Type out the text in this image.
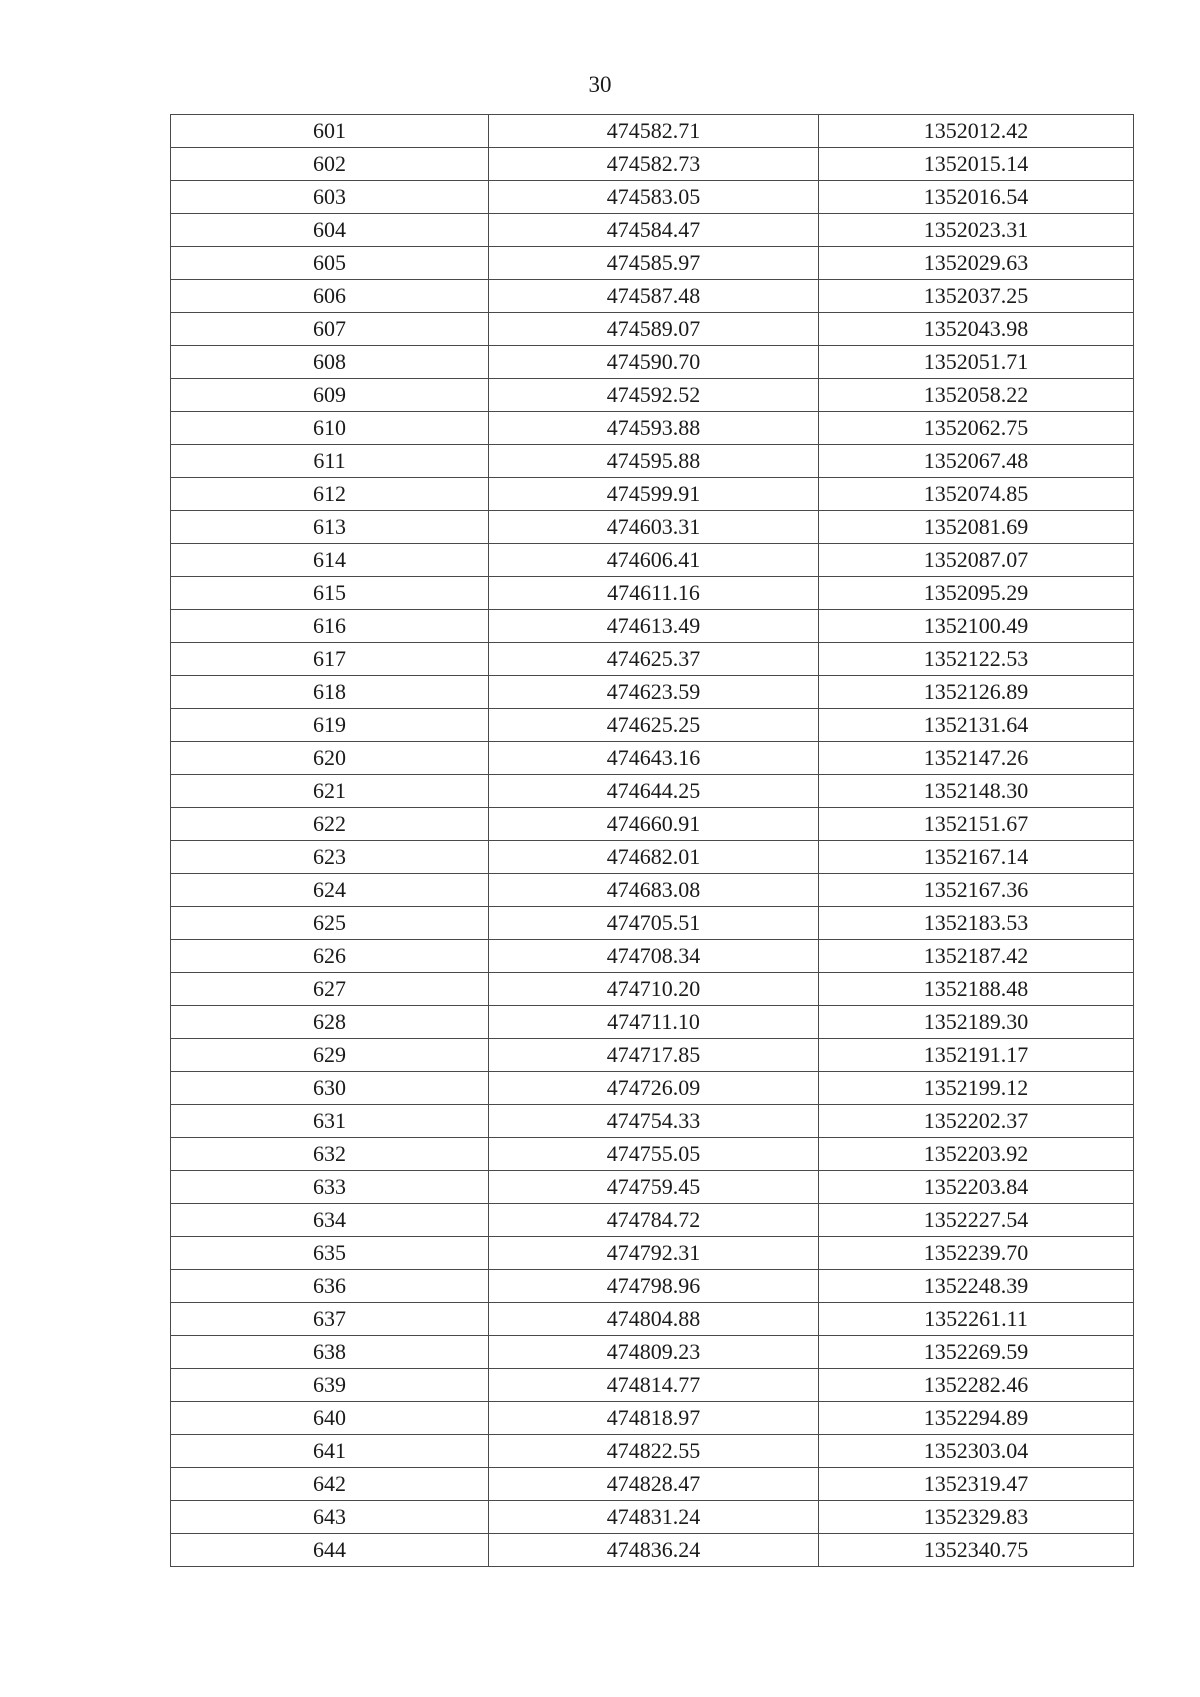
30
601	474582.71	1352012.42
602	474582.73	1352015.14
603	474583.05	1352016.54
604	474584.47	1352023.31
605	474585.97	1352029.63
606	474587.48	1352037.25
607	474589.07	1352043.98
608	474590.70	1352051.71
609	474592.52	1352058.22
610	474593.88	1352062.75
611	474595.88	1352067.48
612	474599.91	1352074.85
613	474603.31	1352081.69
614	474606.41	1352087.07
615	474611.16	1352095.29
616	474613.49	1352100.49
617	474625.37	1352122.53
618	474623.59	1352126.89
619	474625.25	1352131.64
620	474643.16	1352147.26
621	474644.25	1352148.30
622	474660.91	1352151.67
623	474682.01	1352167.14
624	474683.08	1352167.36
625	474705.51	1352183.53
626	474708.34	1352187.42
627	474710.20	1352188.48
628	474711.10	1352189.30
629	474717.85	1352191.17
630	474726.09	1352199.12
631	474754.33	1352202.37
632	474755.05	1352203.92
633	474759.45	1352203.84
634	474784.72	1352227.54
635	474792.31	1352239.70
636	474798.96	1352248.39
637	474804.88	1352261.11
638	474809.23	1352269.59
639	474814.77	1352282.46
640	474818.97	1352294.89
641	474822.55	1352303.04
642	474828.47	1352319.47
643	474831.24	1352329.83
644	474836.24	1352340.75
